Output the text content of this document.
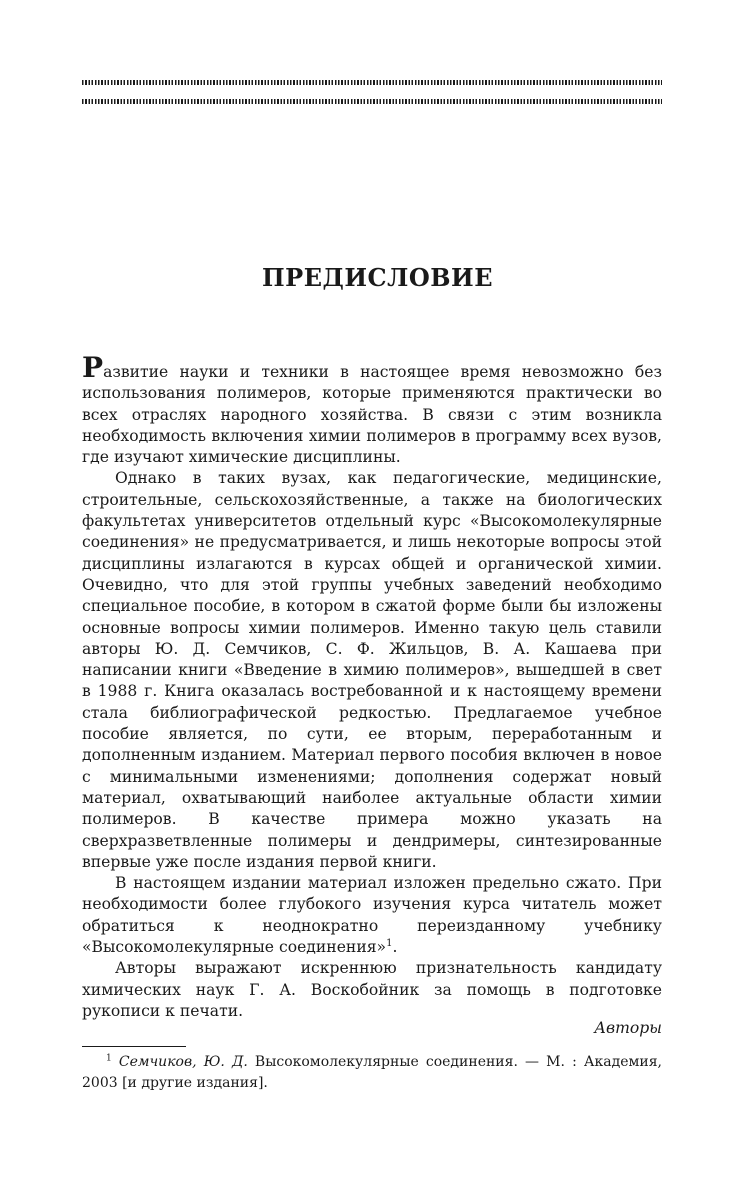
ПРЕДИСЛОВИЕ

Развитие науки и техники в настоящее время невозможно без использования полимеров, которые применяются практически во всех отраслях народного хозяйства. В связи с этим возникла необходимость включения химии полимеров в программу всех вузов, где изучают химические дисциплины.

Однако в таких вузах, как педагогические, медицинские, строительные, сельскохозяйственные, а также на биологических факультетах университетов отдельный курс «Высокомолекулярные соединения» не предусматривается, и лишь некоторые вопросы этой дисциплины излагаются в курсах общей и органической химии. Очевидно, что для этой группы учебных заведений необходимо специальное пособие, в котором в сжатой форме были бы изложены основные вопросы химии полимеров. Именно такую цель ставили авторы Ю. Д. Семчиков, С. Ф. Жильцов, В. А. Кашаева при написании книги «Введение в химию полимеров», вышедшей в свет в 1988 г. Книга оказалась востребованной и к настоящему времени стала библиографической редкостью. Предлагаемое учебное пособие является, по сути, ее вторым, переработанным и дополненным изданием. Материал первого пособия включен в новое с минимальными изменениями; дополнения содержат новый материал, охватывающий наиболее актуальные области химии полимеров. В качестве примера можно указать на сверхразветвленные полимеры и дендримеры, синтезированные впервые уже после издания первой книги.

В настоящем издании материал изложен предельно сжато. При необходимости более глубокого изучения курса читатель может обратиться к неоднократно переизданному учебнику «Высокомолекулярные соединения»$^1$.

Авторы выражают искреннюю признательность кандидату химических наук Г. А. Воскобойник за помощь в подготовке рукописи к печати.

Авторы
$^1$ Семчиков, Ю. Д. Высокомолекулярные соединения. — М. : Академия, 2003 [и другие издания].
